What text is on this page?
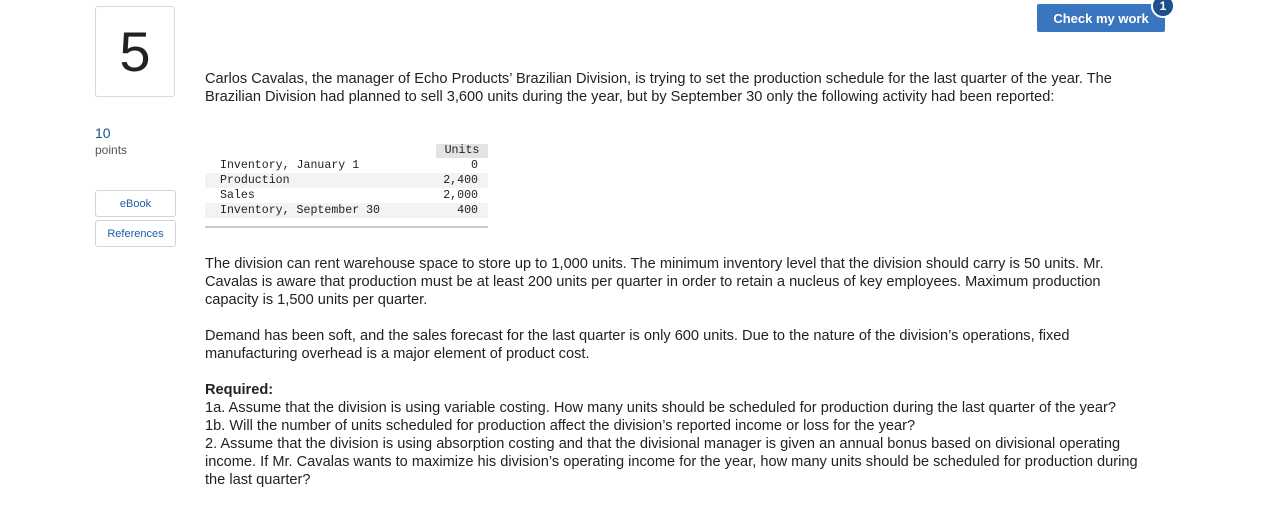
5
10
points
eBook
References
Check my work
1

Carlos Cavalas, the manager of Echo Products’ Brazilian Division, is trying to set the production schedule for the last quarter of the year. The Brazilian Division had planned to sell 3,600 units during the year, but by September 30 only the following activity had been reported:

Units
Inventory, January 1	0
Production	2,400
Sales	2,000
Inventory, September 30	400

The division can rent warehouse space to store up to 1,000 units. The minimum inventory level that the division should carry is 50 units. Mr. Cavalas is aware that production must be at least 200 units per quarter in order to retain a nucleus of key employees. Maximum production capacity is 1,500 units per quarter.

Demand has been soft, and the sales forecast for the last quarter is only 600 units. Due to the nature of the division’s operations, fixed manufacturing overhead is a major element of product cost.

Required:

1a. Assume that the division is using variable costing. How many units should be scheduled for production during the last quarter of the year?

1b. Will the number of units scheduled for production affect the division’s reported income or loss for the year?

2. Assume that the division is using absorption costing and that the divisional manager is given an annual bonus based on divisional operating income. If Mr. Cavalas wants to maximize his division’s operating income for the year, how many units should be scheduled for production during the last quarter?
